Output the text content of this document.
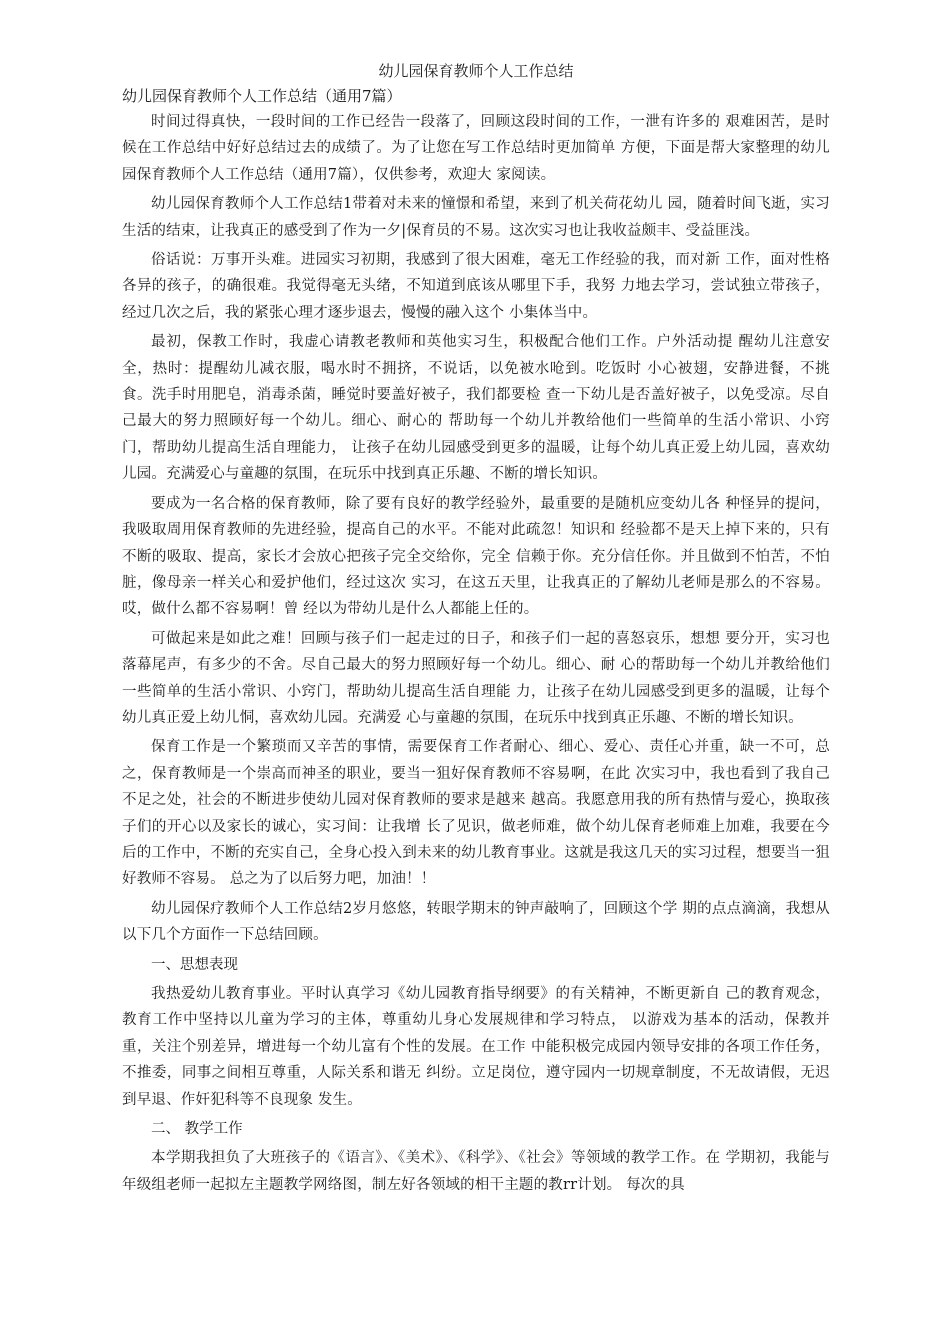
幼儿园保育教师个人工作总结
幼儿园保育教师个人工作总结（通用7篇）

时间过得真快，一段时间的工作已经告一段落了，回顾这段时间的工作，一泄有许多的 艰难困苦，是时候在工作总结中好好总结过去的成绩了。为了让您在写工作总结时更加简单 方便，下面是帮大家整理的幼儿园保育教师个人工作总结（通用7篇），仅供参考，欢迎大 家阅读。

幼儿园保育教师个人工作总结1带着对未来的憧憬和希望，来到了机关荷花幼儿 园，随着时间飞逝，实习生活的结束，让我真正的感受到了作为一夕|保育员的不易。这次实习也让我收益颇丰、受益匪浅。

俗话说：万事开头难。进园实习初期，我感到了很大困难，毫无工作经验的我，而对新 工作，面对性格各异的孩子，的确很难。我觉得毫无头绪，不知道到底该从哪里下手，我努 力地去学习，尝试独立带孩子，经过几次之后，我的紧张心理才逐步退去，慢慢的融入这个 小集体当中。

最初，保教工作时，我虚心请教老教师和英他实习生，积极配合他们工作。户外活动提 醒幼儿注意安全，热时：提醒幼儿减衣服，喝水时不拥挤，不说话，以免被水呛到。吃饭时 小心被翅，安静进餐，不挑食。洗手时用肥皂，消毒杀菌，睡觉时要盖好被子，我们都要检 查一下幼儿是否盖好被子，以免受凉。尽自己最大的努力照顾好每一个幼儿。细心、耐心的 帮助每一个幼儿并教给他们一些简单的生活小常识、小窍门，帮助幼儿提高生活自理能力， 让孩子在幼儿园感受到更多的温暖，让每个幼儿真正爱上幼儿园，喜欢幼儿园。充满爱心与童趣的氛围，在玩乐中找到真正乐趣、不断的增长知识。

要成为一名合格的保育教师，除了要有良好的教学经验外，最重要的是随机应变幼儿各 种怪异的提问，我吸取周用保育教师的先进经验，提高自己的水平。不能对此疏忽！知识和 经验都不是天上掉下来的，只有不断的吸取、提高，家长才会放心把孩子完全交给你，完全 信赖于你。充分信任你。并且做到不怕苦，不怕脏，像母亲一样关心和爱护他们，经过这次 实习，在这五天里，让我真正的了解幼儿老师是那么的不容易。哎，做什么都不容易啊！曾 经以为带幼儿是什么人都能上任的。

可做起来是如此之难！回顾与孩子们一起走过的日子，和孩子们一起的喜怒哀乐，想想 要分开，实习也落幕尾声，有多少的不舍。尽自己最大的努力照顾好每一个幼儿。细心、耐 心的帮助每一个幼儿并教给他们一些简单的生活小常识、小窍门，帮助幼儿提高生活自理能 力，让孩子在幼儿园感受到更多的温暖，让每个幼儿真正爱上幼儿恫，喜欢幼儿园。充满爱 心与童趣的氛围，在玩乐中找到真正乐趣、不断的增长知识。

保育工作是一个繁琐而又辛苦的事情，需要保育工作者耐心、细心、爱心、责任心并重，缺一不可，总之，保育教师是一个崇高而神圣的职业，要当一狙好保育教师不容易啊，在此 次实习中，我也看到了我自己不足之处，社会的不断进步使幼儿园对保育教师的要求是越来 越高。我愿意用我的所有热情与爱心，换取孩子们的开心以及家长的诚心，实习间：让我增 长了见识，做老师难，做个幼儿保育老师难上加难，我要在今后的工作中，不断的充实自己，全身心投入到未来的幼儿教育事业。这就是我这几天的实习过程，想要当一狙好教师不容易。 总之为了以后努力吧，加油！！

幼儿园保疗教师个人工作总结2岁月悠悠，转眼学期末的钟声敲响了，回顾这个学 期的点点滴滴，我想从以下几个方面作一下总结回顾。

一、思想表现

我热爱幼儿教育事业。平时认真学习《幼儿园教育指导纲要》的有关精神，不断更新自 己的教育观念，教育工作中坚持以儿童为学习的主体，尊重幼儿身心发展规律和学习特点， 以游戏为基本的活动，保教并重，关注个别差异，增进每一个幼儿富有个性的发展。在工作 中能积极完成园内领导安排的各项工作任务，不推委，同事之间相互尊重，人际关系和谐无 纠纷。立足岗位，遵守园内一切规章制度，不无故请假，无迟到早退、作奸犯科等不良现象 发生。

二、 教学工作

本学期我担负了大班孩子的《语言》、《美术》、《科学》、《社会》等领域的教学工作。在 学期初，我能与年级组老师一起拟左主题教学网络图，制左好各领域的相干主题的教rr计划。 每次的具
